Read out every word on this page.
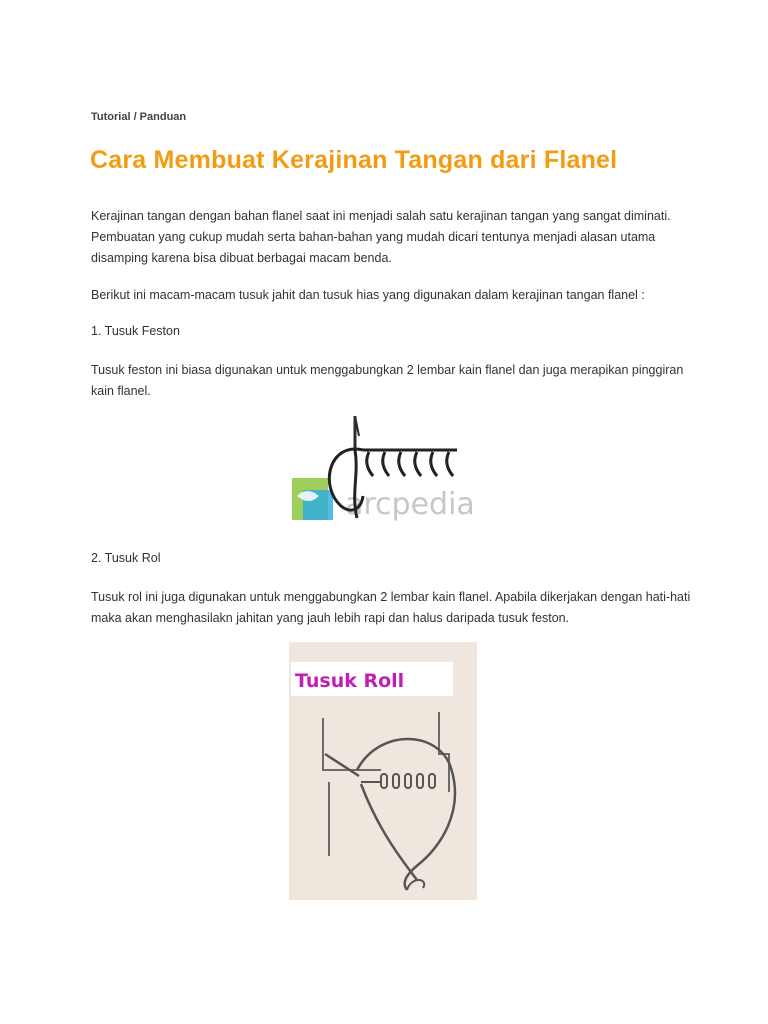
Tutorial / Panduan
Cara Membuat Kerajinan Tangan dari Flanel
Kerajinan tangan dengan bahan flanel saat ini menjadi salah satu kerajinan tangan yang sangat diminati. Pembuatan yang cukup mudah serta bahan-bahan yang mudah dicari tentunya menjadi alasan utama disamping karena bisa dibuat berbagai macam benda.
Berikut ini macam-macam tusuk jahit dan tusuk hias yang digunakan dalam kerajinan tangan flanel :
1. Tusuk Feston
Tusuk feston ini biasa digunakan untuk menggabungkan 2 lembar kain flanel dan juga merapikan pinggiran kain flanel.
arcpedia
2. Tusuk Rol
Tusuk rol ini juga digunakan untuk menggabungkan 2 lembar kain flanel. Apabila dikerjakan dengan hati-hati maka akan menghasilakn jahitan yang jauh lebih rapi dan halus daripada tusuk feston.
Tusuk Roll
